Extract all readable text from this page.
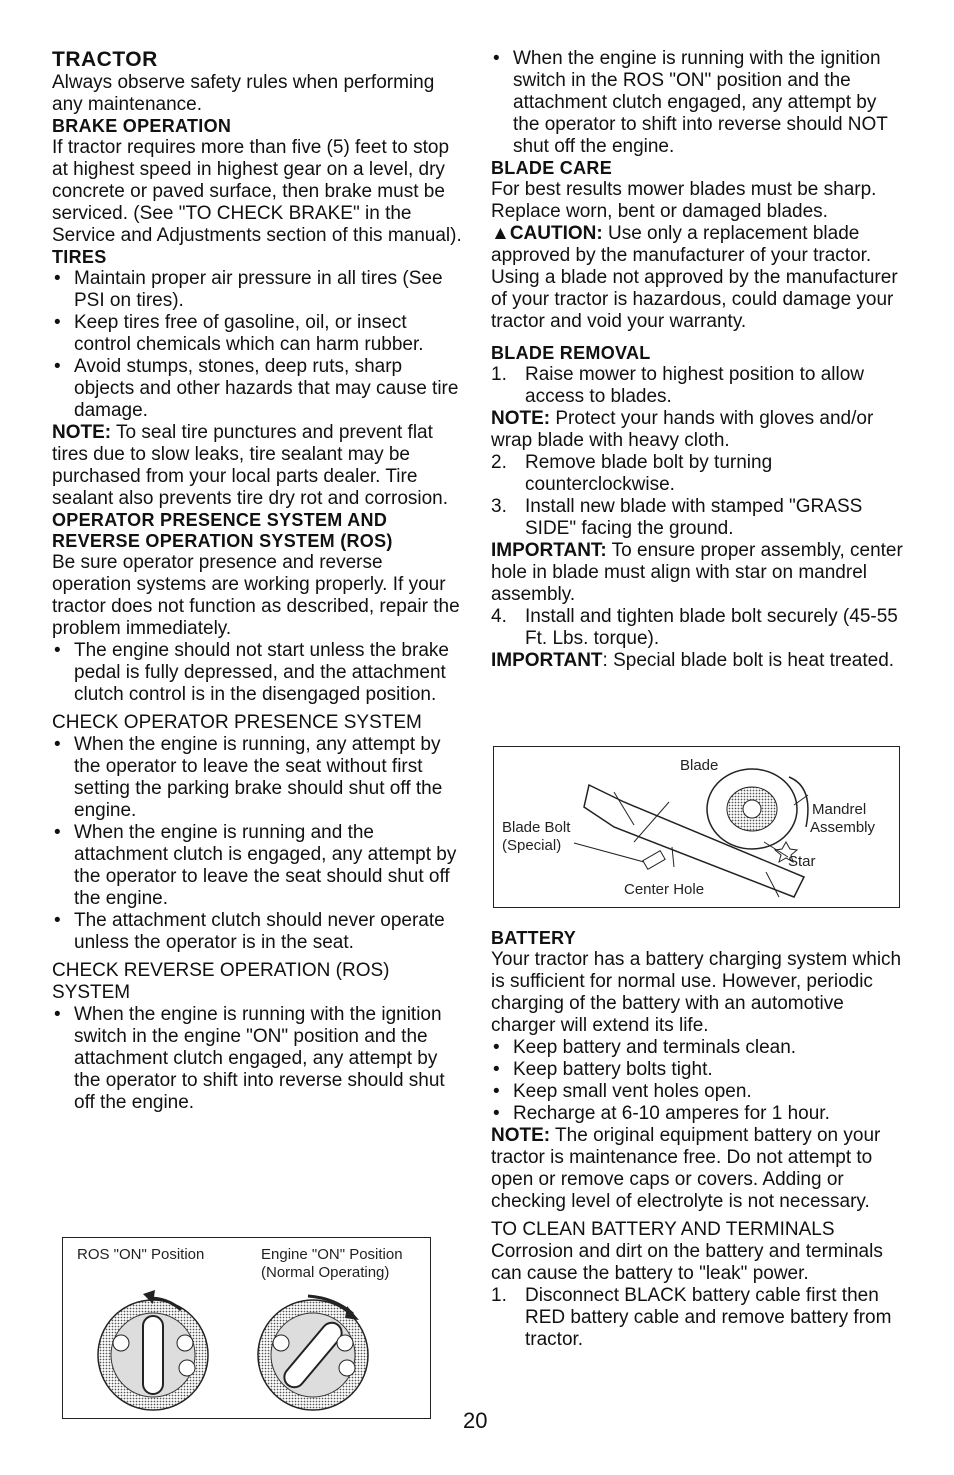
TRACTOR

Always observe safety rules when performing any maintenance.

BRAKE OPERATION

If tractor requires more than five (5) feet to stop at highest speed in highest gear on a level, dry concrete or paved surface, then brake must be serviced. (See "TO CHECK BRAKE" in the Service and Adjustments section of this manual).

TIRES
• Maintain proper air pressure in all tires (See PSI on tires).
• Keep tires free of gasoline, oil, or insect control chemicals which can harm rubber.
• Avoid stumps, stones, deep ruts, sharp objects and other hazards that may cause tire damage.

NOTE: To seal tire punctures and prevent flat tires due to slow leaks, tire sealant may be purchased from your local parts dealer. Tire sealant also prevents tire dry rot and corrosion.

OPERATOR PRESENCE SYSTEM AND
REVERSE OPERATION SYSTEM (ROS)

Be sure operator presence and reverse operation systems are working properly. If your tractor does not function as described, repair the problem immediately.

• The engine should not start unless the brake pedal is fully depressed, and the attachment clutch control is in the disengaged position.
CHECK OPERATOR PRESENCE SYSTEM
• When the engine is running, any attempt by the operator to leave the seat without first setting the parking brake should shut off the engine.
• When the engine is running and the attachment clutch is engaged, any attempt by the operator to leave the seat should shut off the engine.
• The attachment clutch should never operate unless the operator is in the seat.
CHECK REVERSE OPERATION (ROS) SYSTEM
• When the engine is running with the ignition switch in the engine "ON" position and the attachment clutch engaged, any attempt by the operator to shift into reverse should shut off the engine.
ROS "ON" Position	Engine "ON" Position
(Normal Operating)
• When the engine is running with the ignition switch in the ROS "ON" position and the attachment clutch engaged, any attempt by the operator to shift into reverse should NOT shut off the engine.
BLADE CARE

For best results mower blades must be sharp. Replace worn, bent or damaged blades.

▲CAUTION: Use only a replacement blade approved by the manufacturer of your tractor. Using a blade not approved by the manufacturer of your tractor is hazardous, could damage your tractor and void your warranty.

BLADE REMOVAL
1. Raise mower to highest position to allow access to blades.

NOTE: Protect your hands with gloves and/or wrap blade with heavy cloth.

2. Remove blade bolt by turning counterclockwise.
3. Install new blade with stamped "GRASS SIDE" facing the ground.

IMPORTANT: To ensure proper assembly, center hole in blade must align with star on mandrel assembly.

4. Install and tighten blade bolt securely (45-55 Ft. Lbs. torque).

IMPORTANT: Special blade bolt is heat treated.

Blade
Blade Bolt
(Special)
Mandrel
Assembly
Star
Center Hole
BATTERY

Your tractor has a battery charging system which is sufficient for normal use. However, periodic charging of the battery with an automotive charger will extend its life.

• Keep battery and terminals clean.
• Keep battery bolts tight.
• Keep small vent holes open.
• Recharge at 6-10 amperes for 1 hour.

NOTE: The original equipment battery on your tractor is maintenance free. Do not attempt to open or remove caps or covers. Adding or checking level of electrolyte is not necessary.

TO CLEAN BATTERY AND TERMINALS

Corrosion and dirt on the battery and terminals can cause the battery to "leak" power.

1. Disconnect BLACK battery cable first then RED battery cable and remove battery from tractor.
20
